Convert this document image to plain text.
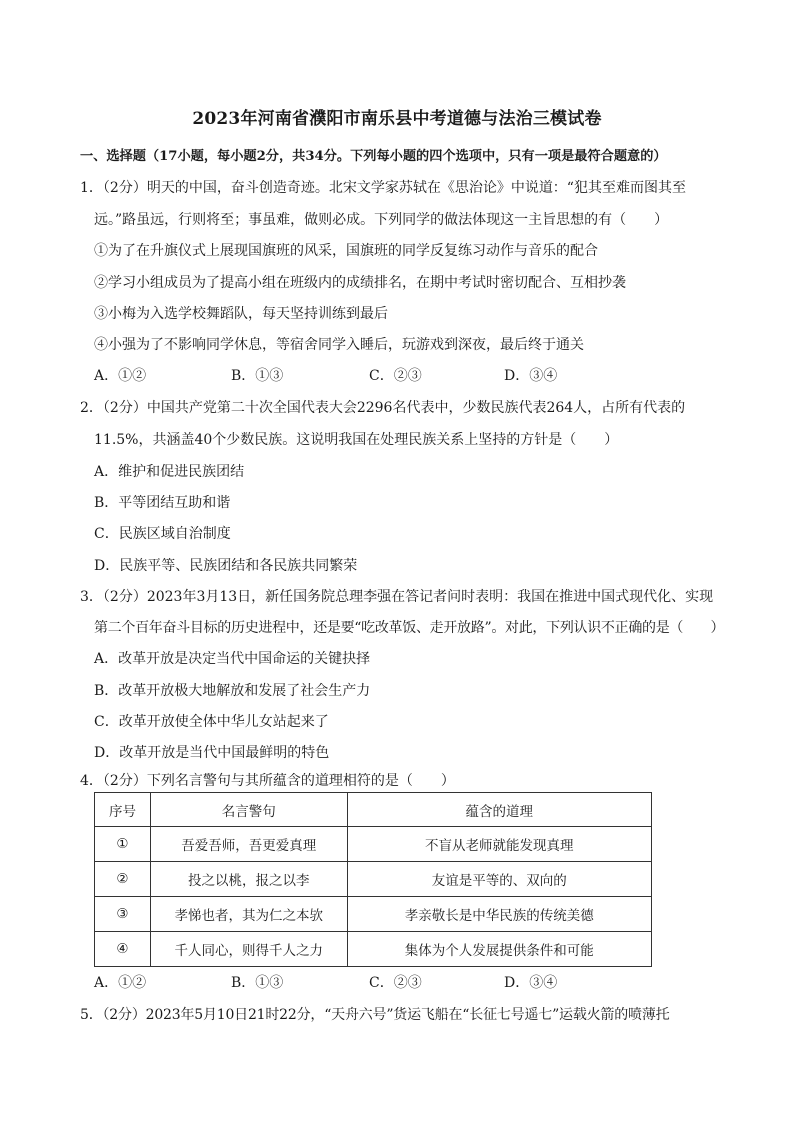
2023年河南省濮阳市南乐县中考道德与法治三模试卷
一、选择题（17小题，每小题2分，共34分。下列每小题的四个选项中，只有一项是最符合题意的）
1．（2分）明天的中国，奋斗创造奇迹。北宋文学家苏轼在《思治论》中说道：“犯其至难而图其至
远。”路虽远，行则将至；事虽难，做则必成。下列同学的做法体现这一主旨思想的有（　　）
①为了在升旗仪式上展现国旗班的风采，国旗班的同学反复练习动作与音乐的配合
②学习小组成员为了提高小组在班级内的成绩排名，在期中考试时密切配合、互相抄袭
③小梅为入选学校舞蹈队，每天坚持训练到最后
④小强为了不影响同学休息，等宿舍同学入睡后，玩游戏到深夜，最后终于通关
A．①②	B．①③	C．②③	D．③④
2．（2分）中国共产党第二十次全国代表大会2296名代表中，少数民族代表264人，占所有代表的
11.5%，共涵盖40个少数民族。这说明我国在处理民族关系上坚持的方针是（　　）
A．维护和促进民族团结
B．平等团结互助和谐
C．民族区域自治制度
D．民族平等、民族团结和各民族共同繁荣
3．（2分）2023年3月13日，新任国务院总理李强在答记者问时表明：我国在推进中国式现代化、实现
第二个百年奋斗目标的历史进程中，还是要“吃改革饭、走开放路”。对此，下列认识不正确的是（　　）
A．改革开放是决定当代中国命运的关键抉择
B．改革开放极大地解放和发展了社会生产力
C．改革开放使全体中华儿女站起来了
D．改革开放是当代中国最鲜明的特色
4．（2分）下列名言警句与其所蕴含的道理相符的是（　　）
序号	名言警句	蕴含的道理
①	吾爱吾师，吾更爱真理	不盲从老师就能发现真理
②	投之以桃，报之以李	友谊是平等的、双向的
③	孝悌也者，其为仁之本欤	孝亲敬长是中华民族的传统美德
④	千人同心，则得千人之力	集体为个人发展提供条件和可能
A．①②	B．①③	C．②③	D．③④
5．（2分）2023年5月10日21时22分，“天舟六号”货运飞船在“长征七号遥七”运载火箭的喷薄托
